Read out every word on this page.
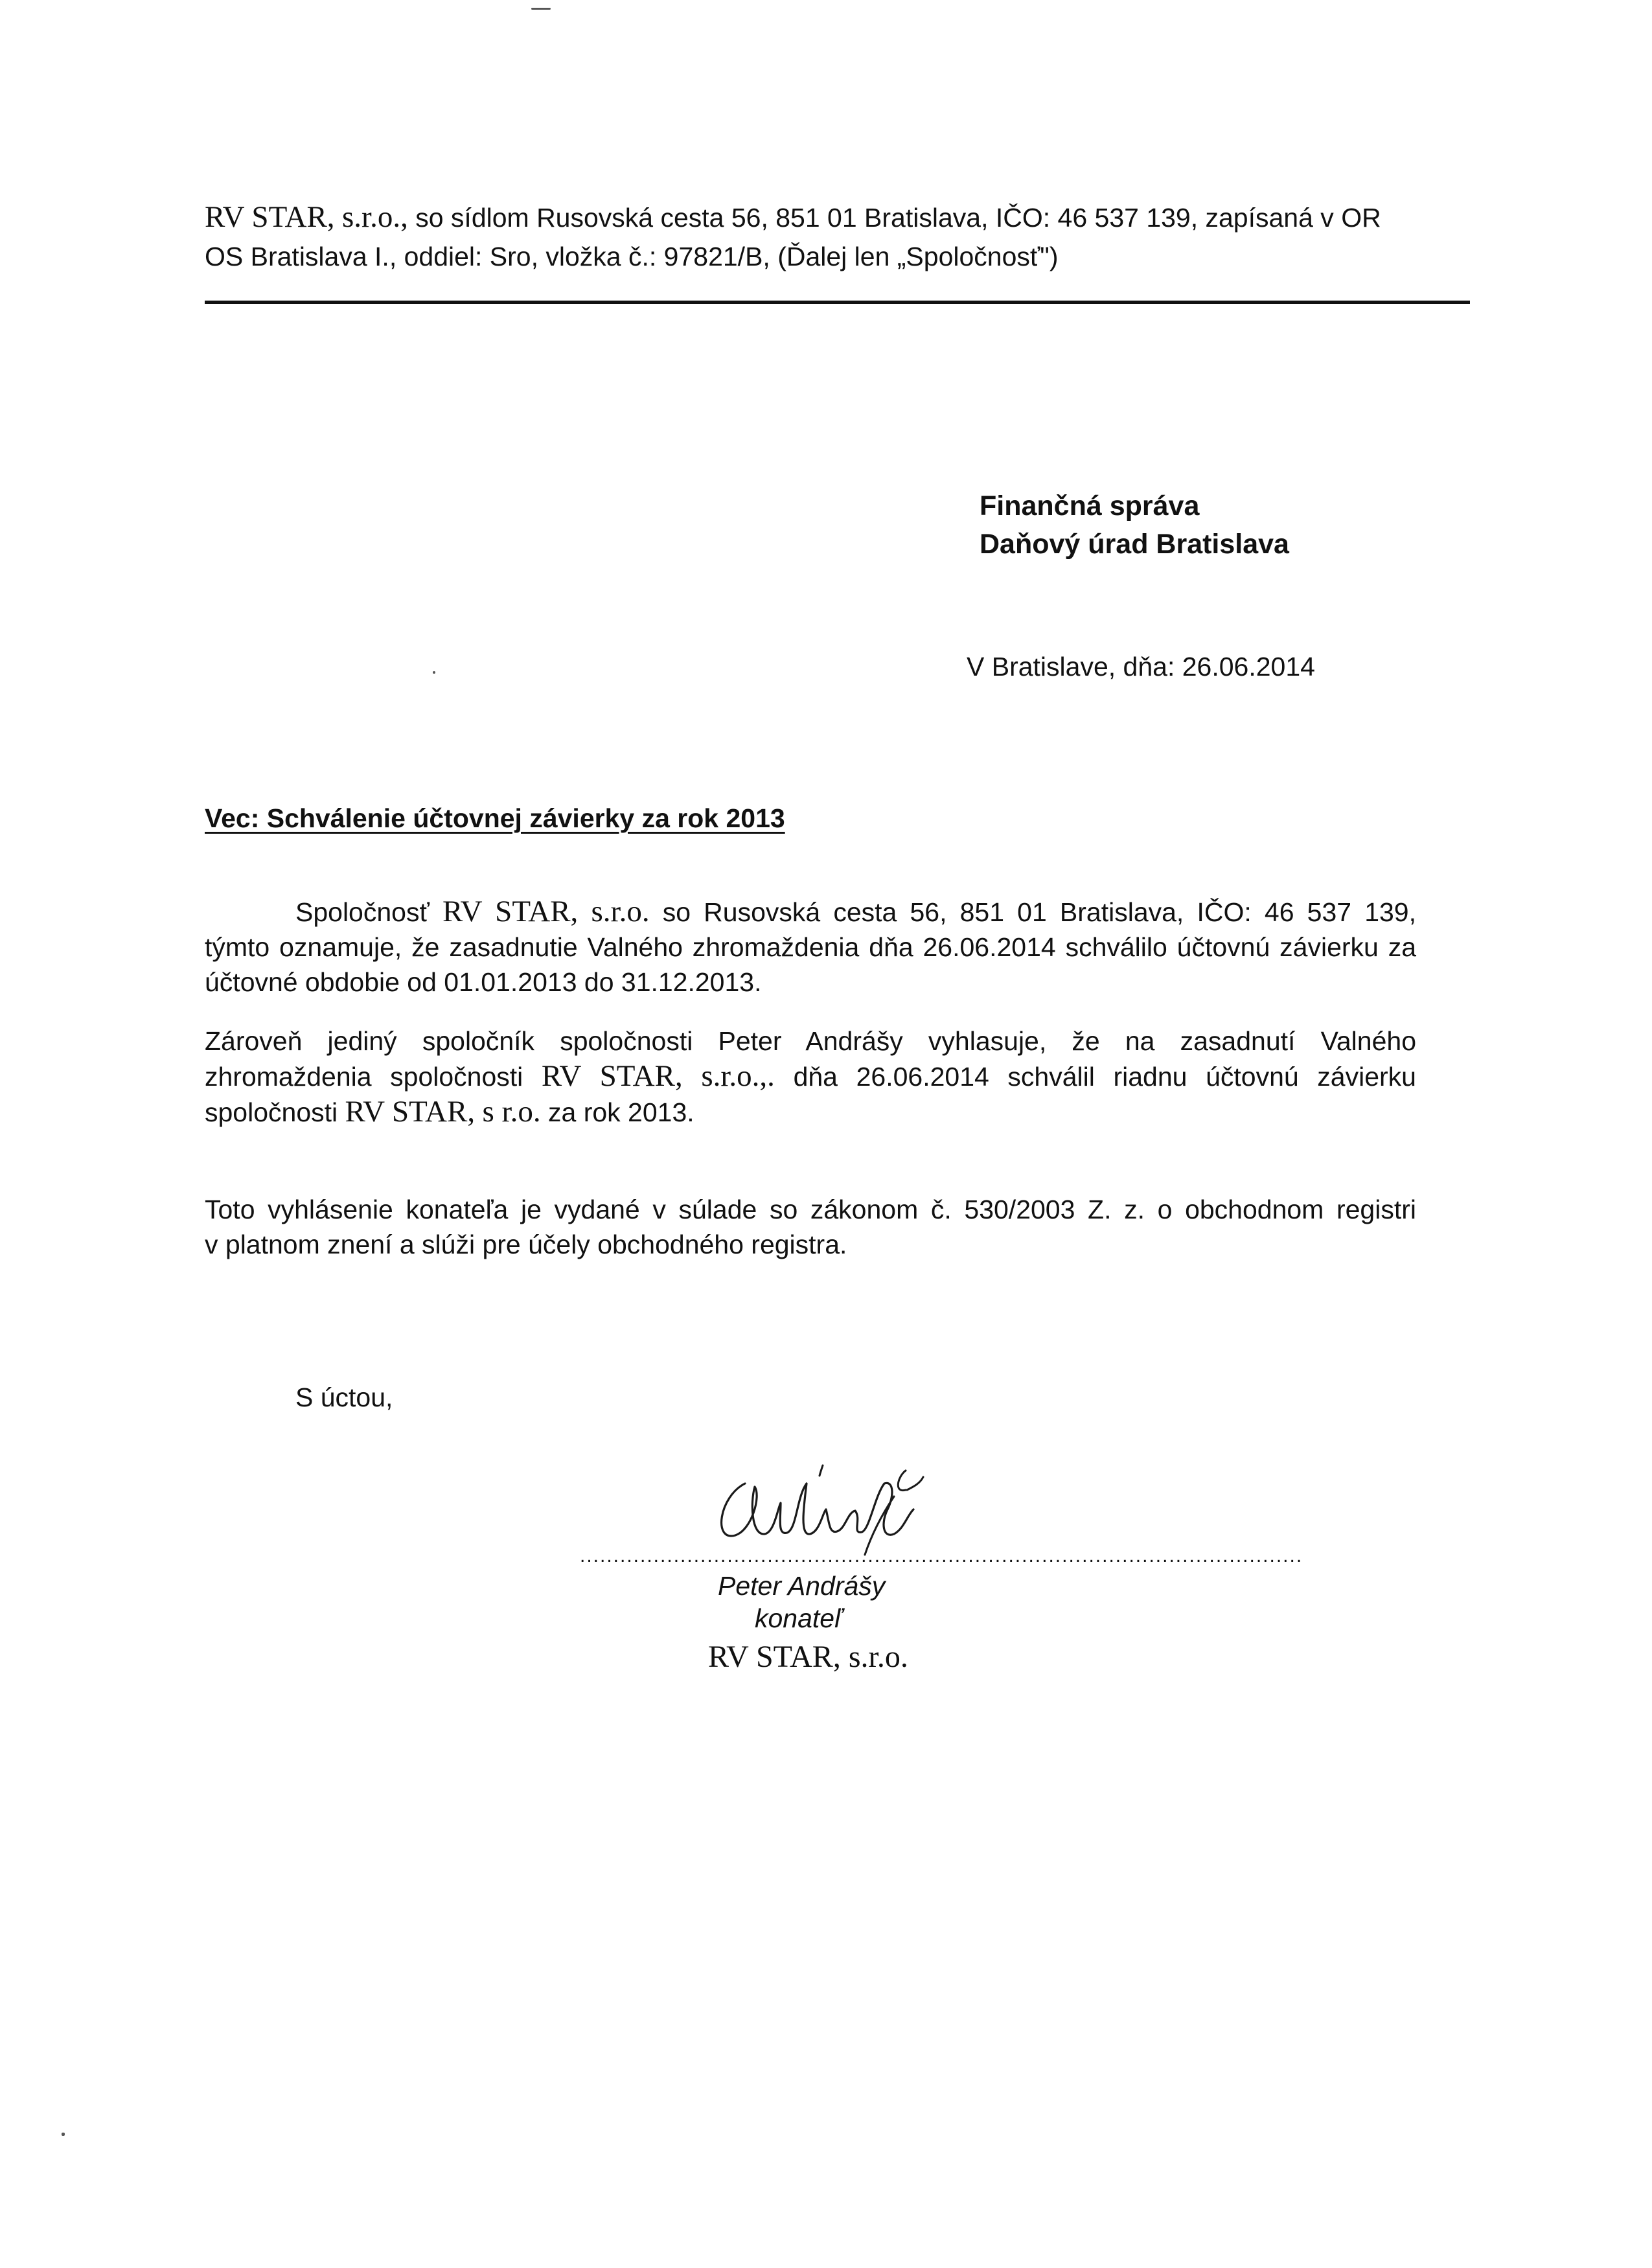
RV STAR, s.r.o., so sídlom Rusovská cesta 56, 851 01 Bratislava, IČO: 46 537 139, zapísaná v OR
OS Bratislava I., oddiel: Sro, vložka č.: 97821/B, (Ďalej len „Spoločnosť")
Finančná správa
Daňový úrad Bratislava
V Bratislave, dňa: 26.06.2014
Vec: Schválenie účtovnej závierky za rok 2013
Spoločnosť RV STAR, s.r.o. so Rusovská cesta 56, 851 01 Bratislava, IČO: 46 537 139,
týmto oznamuje, že zasadnutie Valného zhromaždenia dňa 26.06.2014 schválilo účtovnú závierku za
účtovné obdobie od 01.01.2013 do 31.12.2013.
Zároveň jediný spoločník spoločnosti Peter Andrášy vyhlasuje, že na zasadnutí Valného
zhromaždenia spoločnosti RV STAR, s.r.o.,. dňa 26.06.2014 schválil riadnu účtovnú závierku
spoločnosti RV STAR, s r.o. za rok 2013.
Toto vyhlásenie konateľa je vydané v súlade so zákonom č. 530/2003 Z. z. o obchodnom registri
v platnom znení a slúži pre účely obchodného registra.
S úctou,
............................................................................................................
Peter Andrášy
konateľ
RV STAR, s.r.o.
